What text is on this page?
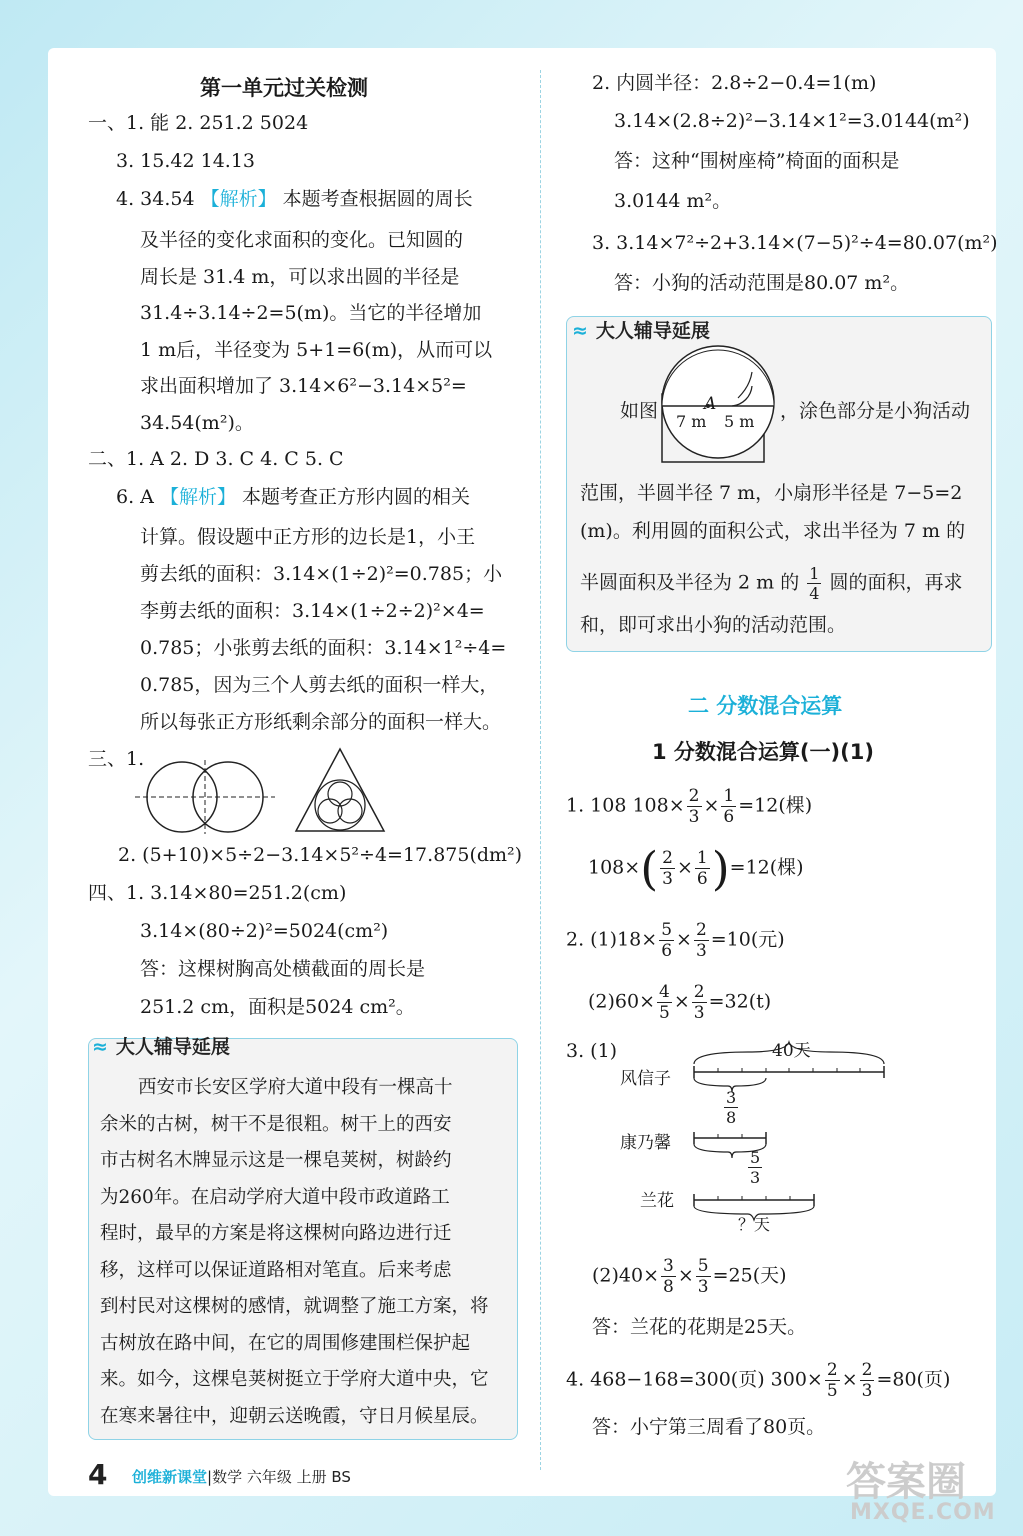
第一单元过关检测
一、1. 能 2. 251.2 5024
3. 15.42 14.13
4. 34.54 【解析】 本题考查根据圆的周长
及半径的变化求面积的变化。已知圆的
周长是 31.4 m，可以求出圆的半径是
31.4÷3.14÷2=5(m)。当它的半径增加
1 m后，半径变为 5+1=6(m)，从而可以
求出面积增加了 3.14×6²−3.14×5²=
34.54(m²)。
二、1. A 2. D 3. C 4. C 5. C
6. A 【解析】 本题考查正方形内圆的相关
计算。假设题中正方形的边长是1，小王
剪去纸的面积：3.14×(1÷2)²=0.785；小
李剪去纸的面积：3.14×(1÷2÷2)²×4=
0.785；小张剪去纸的面积：3.14×1²÷4=
0.785，因为三个人剪去纸的面积一样大，
所以每张正方形纸剩余部分的面积一样大。
三、1.
2. (5+10)×5÷2−3.14×5²÷4=17.875(dm²)
四、1. 3.14×80=251.2(cm)
3.14×(80÷2)²=5024(cm²)
答：这棵树胸高处横截面的周长是
251.2 cm，面积是5024 cm²。
≈ 大人辅导延展
西安市长安区学府大道中段有一棵高十
余米的古树，树干不是很粗。树干上的西安
市古树名木牌显示这是一棵皂荚树，树龄约
为260年。在启动学府大道中段市政道路工
程时，最早的方案是将这棵树向路边进行迁
移，这样可以保证道路相对笔直。后来考虑
到村民对这棵树的感情，就调整了施工方案，将
古树放在路中间，在它的周围修建围栏保护起
来。如今，这棵皂荚树挺立于学府大道中央，它
在寒来暑往中，迎朝云送晚霞，守日月候星辰。
2. 内圆半径：2.8÷2−0.4=1(m)
3.14×(2.8÷2)²−3.14×1²=3.0144(m²)
答：这种“围树座椅”椅面的面积是
3.0144 m²。
3. 3.14×7²÷2+3.14×(7−5)²÷4=80.07(m²)
答：小狗的活动范围是80.07 m²。
≈ 大人辅导延展
如图	A
7 m 5 m ，涂色部分是小狗活动
范围，半圆半径 7 m，小扇形半径是 7−5=2
(m)。利用圆的面积公式，求出半径为 7 m 的
半圆面积及半径为 2 m 的 $\frac{1}{4}$ 圆的面积，再求
和，即可求出小狗的活动范围。
二 分数混合运算
1 分数混合运算(一)(1)
1. 108 $108\times \frac{2}{3} \times \frac{1}{6} =12$(棵)
$108\times( \frac{2}{3} \times \frac{1}{6} )=12$(棵)
2. $(1)18\times \frac{5}{6} \times \frac{2}{3} =10$(元)
$(2)60\times \frac{4}{5} \times \frac{2}{3} =32(t)$
3. (1)	40天
风信子
康乃馨
兰花
3
8
5
3
？天
$(2)40\times \frac{3}{8} \times \frac{5}{3} =25$(天)
答：兰花的花期是25天。
4. 468−168=300(页) $300\times \frac{2}{5} \times \frac{2}{3} =80$(页)
答：小宁第三周看了80页。
4 创维新课堂|数学 六年级 上册 BS	答案圈
MXQE.COM
